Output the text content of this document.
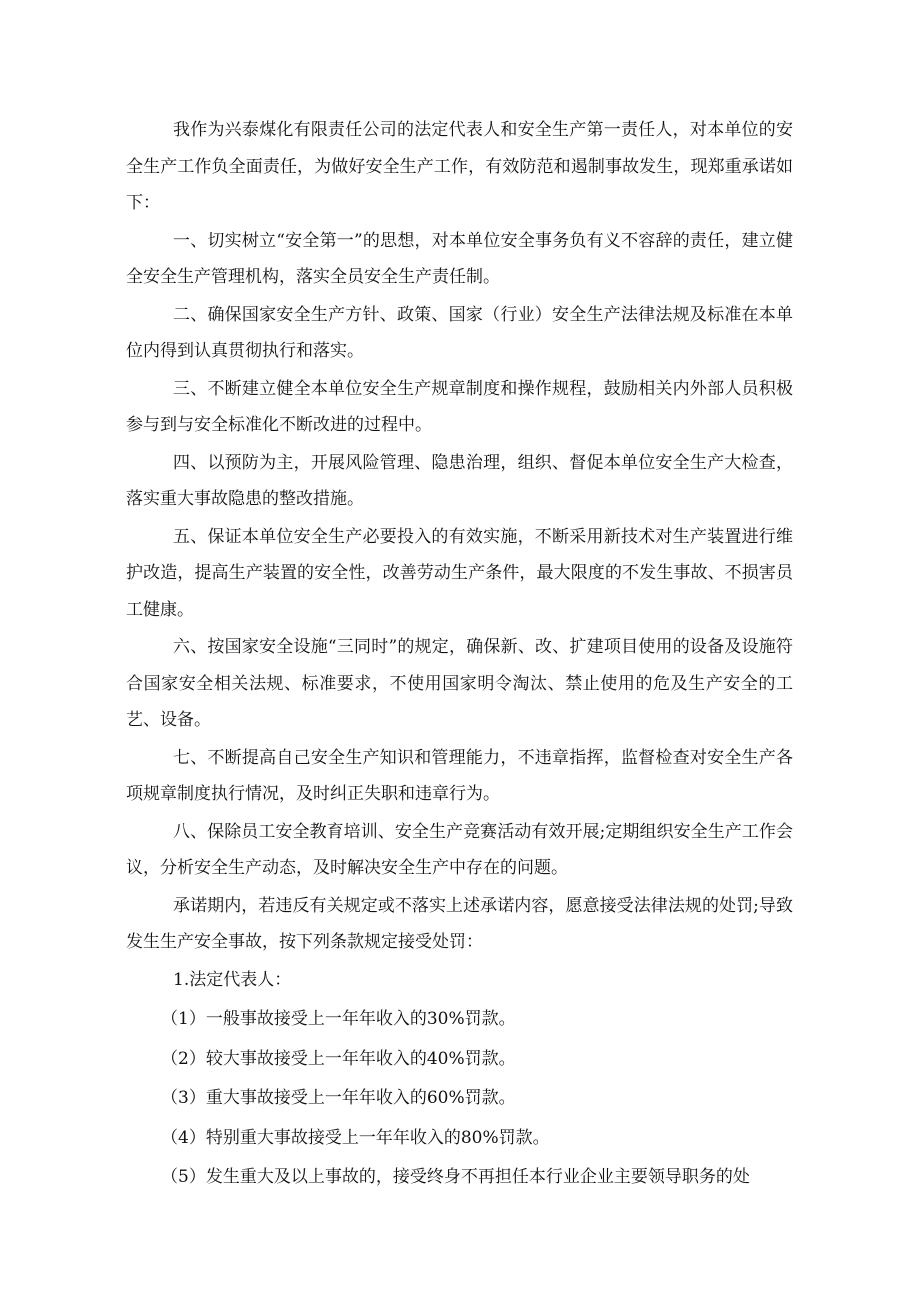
我作为兴泰煤化有限责任公司的法定代表人和安全生产第一责任人，对本单位的安全生产工作负全面责任，为做好安全生产工作，有效防范和遏制事故发生，现郑重承诺如下：

一、切实树立“安全第一”的思想，对本单位安全事务负有义不容辞的责任，建立健全安全生产管理机构，落实全员安全生产责任制。

二、确保国家安全生产方针、政策、国家（行业）安全生产法律法规及标准在本单位内得到认真贯彻执行和落实。

三、不断建立健全本单位安全生产规章制度和操作规程，鼓励相关内外部人员积极参与到与安全标准化不断改进的过程中。

四、以预防为主，开展风险管理、隐患治理，组织、督促本单位安全生产大检查，落实重大事故隐患的整改措施。

五、保证本单位安全生产必要投入的有效实施，不断采用新技术对生产装置进行维护改造，提高生产装置的安全性，改善劳动生产条件，最大限度的不发生事故、不损害员工健康。

六、按国家安全设施“三同时”的规定，确保新、改、扩建项目使用的设备及设施符合国家安全相关法规、标准要求，不使用国家明令淘汰、禁止使用的危及生产安全的工艺、设备。

七、不断提高自己安全生产知识和管理能力，不违章指挥，监督检查对安全生产各项规章制度执行情况，及时纠正失职和违章行为。

八、保除员工安全教育培训、安全生产竞赛活动有效开展;定期组织安全生产工作会议，分析安全生产动态，及时解决安全生产中存在的问题。

承诺期内，若违反有关规定或不落实上述承诺内容，愿意接受法律法规的处罚;导致发生生产安全事故，按下列条款规定接受处罚：

1.法定代表人：

（1）一般事故接受上一年年收入的30%罚款。

（2）较大事故接受上一年年收入的40%罚款。

（3）重大事故接受上一年年收入的60%罚款。

（4）特别重大事故接受上一年年收入的80%罚款。

（5）发生重大及以上事故的，接受终身不再担任本行业企业主要领导职务的处
